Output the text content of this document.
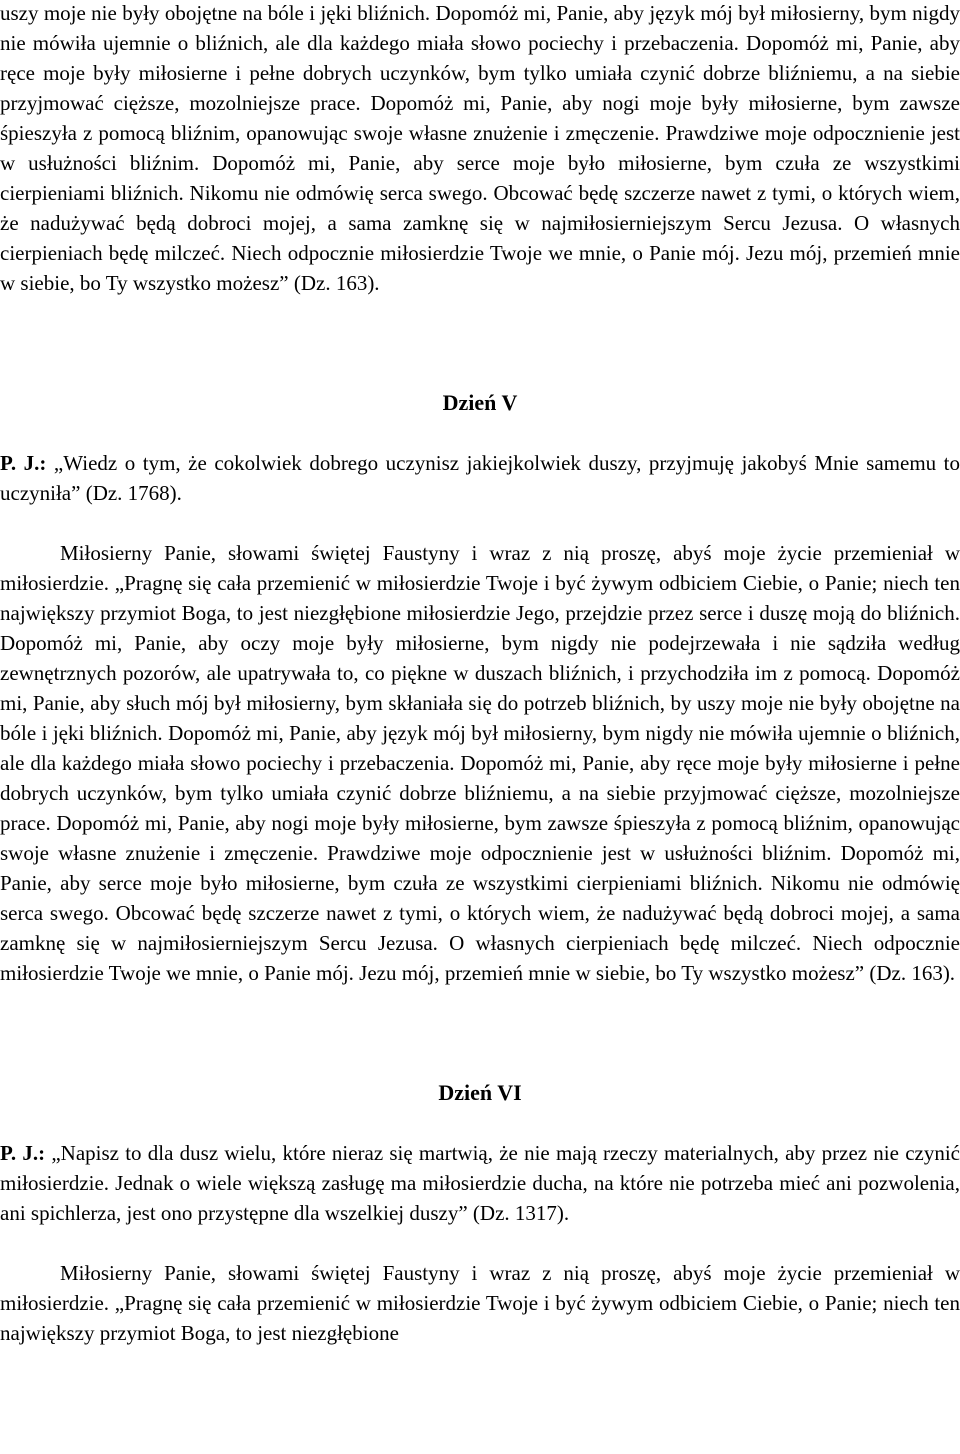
uszy moje nie były obojętne na bóle i jęki bliźnich. Dopomóż mi, Panie, aby język mój był miłosierny, bym nigdy nie mówiła ujemnie o bliźnich, ale dla każdego miała słowo pociechy i przebaczenia. Dopomóż mi, Panie, aby ręce moje były miłosierne i pełne dobrych uczynków, bym tylko umiała czynić dobrze bliźniemu, a na siebie przyjmować cięższe, mozolniejsze prace. Dopomóż mi, Panie, aby nogi moje były miłosierne, bym zawsze śpieszyła z pomocą bliźnim, opanowując swoje własne znużenie i zmęczenie. Prawdziwe moje odpocznienie jest w usłużności bliźnim. Dopomóż mi, Panie, aby serce moje było miłosierne, bym czuła ze wszystkimi cierpieniami bliźnich. Nikomu nie odmówię serca swego. Obcować będę szczerze nawet z tymi, o których wiem, że nadużywać będą dobroci mojej, a sama zamknę się w najmiłosierniejszym Sercu Jezusa. O własnych cierpieniach będę milczeć. Niech odpocznie miłosierdzie Twoje we mnie, o Panie mój. Jezu mój, przemień mnie w siebie, bo Ty wszystko możesz” (Dz. 163).

Dzień V

P. J.: „Wiedz o tym, że cokolwiek dobrego uczynisz jakiejkolwiek duszy, przyjmuję jakobyś Mnie samemu to uczyniła” (Dz. 1768).

Miłosierny Panie, słowami świętej Faustyny i wraz z nią proszę, abyś moje życie przemieniał w miłosierdzie. „Pragnę się cała przemienić w miłosierdzie Twoje i być żywym odbiciem Ciebie, o Panie; niech ten największy przymiot Boga, to jest niezgłębione miłosierdzie Jego, przejdzie przez serce i duszę moją do bliźnich. Dopomóż mi, Panie, aby oczy moje były miłosierne, bym nigdy nie podejrzewała i nie sądziła według zewnętrznych pozorów, ale upatrywała to, co piękne w duszach bliźnich, i przychodziła im z pomocą. Dopomóż mi, Panie, aby słuch mój był miłosierny, bym skłaniała się do potrzeb bliźnich, by uszy moje nie były obojętne na bóle i jęki bliźnich. Dopomóż mi, Panie, aby język mój był miłosierny, bym nigdy nie mówiła ujemnie o bliźnich, ale dla każdego miała słowo pociechy i przebaczenia. Dopomóż mi, Panie, aby ręce moje były miłosierne i pełne dobrych uczynków, bym tylko umiała czynić dobrze bliźniemu, a na siebie przyjmować cięższe, mozolniejsze prace. Dopomóż mi, Panie, aby nogi moje były miłosierne, bym zawsze śpieszyła z pomocą bliźnim, opanowując swoje własne znużenie i zmęczenie. Prawdziwe moje odpocznienie jest w usłużności bliźnim. Dopomóż mi, Panie, aby serce moje było miłosierne, bym czuła ze wszystkimi cierpieniami bliźnich. Nikomu nie odmówię serca swego. Obcować będę szczerze nawet z tymi, o których wiem, że nadużywać będą dobroci mojej, a sama zamknę się w najmiłosierniejszym Sercu Jezusa. O własnych cierpieniach będę milczeć. Niech odpocznie miłosierdzie Twoje we mnie, o Panie mój. Jezu mój, przemień mnie w siebie, bo Ty wszystko możesz” (Dz. 163).

Dzień VI

P. J.: „Napisz to dla dusz wielu, które nieraz się martwią, że nie mają rzeczy materialnych, aby przez nie czynić miłosierdzie. Jednak o wiele większą zasługę ma miłosierdzie ducha, na które nie potrzeba mieć ani pozwolenia, ani spichlerza, jest ono przystępne dla wszelkiej duszy” (Dz. 1317).

Miłosierny Panie, słowami świętej Faustyny i wraz z nią proszę, abyś moje życie przemieniał w miłosierdzie. „Pragnę się cała przemienić w miłosierdzie Twoje i być żywym odbiciem Ciebie, o Panie; niech ten największy przymiot Boga, to jest niezgłębione
